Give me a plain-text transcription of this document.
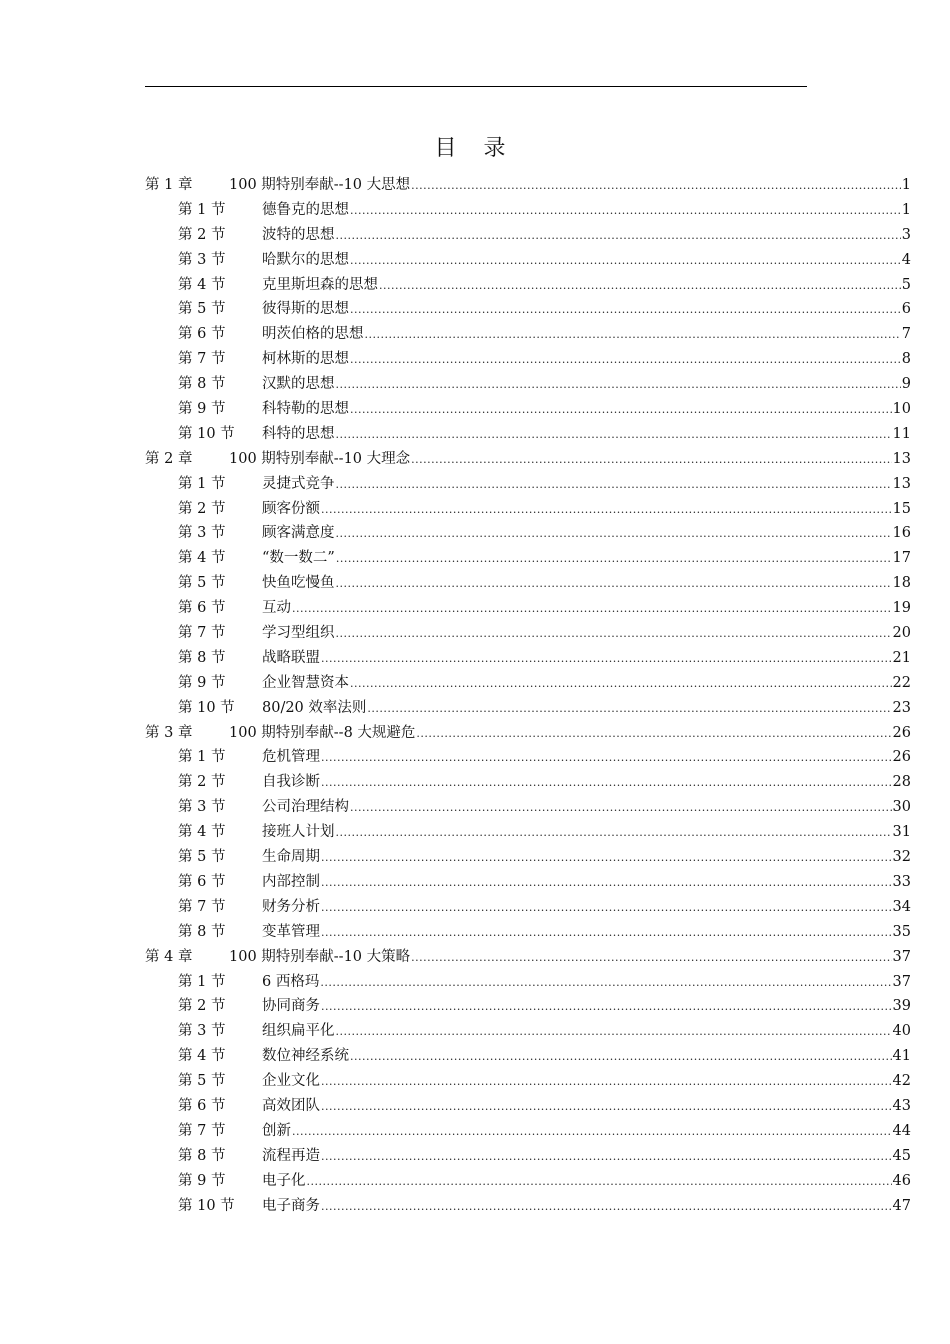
目 录
第 1 章	100 期特别奉献--10 大思想 .....	1
第 1 节	德鲁克的思想 .....	1
第 2 节	波特的思想 .....	3
第 3 节	哈默尔的思想 .....	4
第 4 节	克里斯坦森的思想 .....	5
第 5 节	彼得斯的思想 .....	6
第 6 节	明茨伯格的思想 .....	7
第 7 节	柯林斯的思想 .....	8
第 8 节	汉默的思想 .....	9
第 9 节	科特勒的思想 .....	10
第 10 节	科特的思想 .....	11
第 2 章	100 期特别奉献--10 大理念 .....	13
第 1 节	灵捷式竞争 .....	13
第 2 节	顾客份额 .....	15
第 3 节	顾客满意度 .....	16
第 4 节	“数一数二” .....	17
第 5 节	快鱼吃慢鱼 .....	18
第 6 节	互动 .....	19
第 7 节	学习型组织 .....	20
第 8 节	战略联盟 .....	21
第 9 节	企业智慧资本 .....	22
第 10 节	80/20 效率法则 .....	23
第 3 章	100 期特别奉献--8 大规避危 .....	26
第 1 节	危机管理 .....	26
第 2 节	自我诊断 .....	28
第 3 节	公司治理结构 .....	30
第 4 节	接班人计划 .....	31
第 5 节	生命周期 .....	32
第 6 节	内部控制 .....	33
第 7 节	财务分析 .....	34
第 8 节	变革管理 .....	35
第 4 章	100 期特别奉献--10 大策略 .....	37
第 1 节	6 西格玛 .....	37
第 2 节	协同商务 .....	39
第 3 节	组织扁平化 .....	40
第 4 节	数位神经系统 .....	41
第 5 节	企业文化 .....	42
第 6 节	高效团队 .....	43
第 7 节	创新 .....	44
第 8 节	流程再造 .....	45
第 9 节	电子化 .....	46
第 10 节	电子商务 .....	47
